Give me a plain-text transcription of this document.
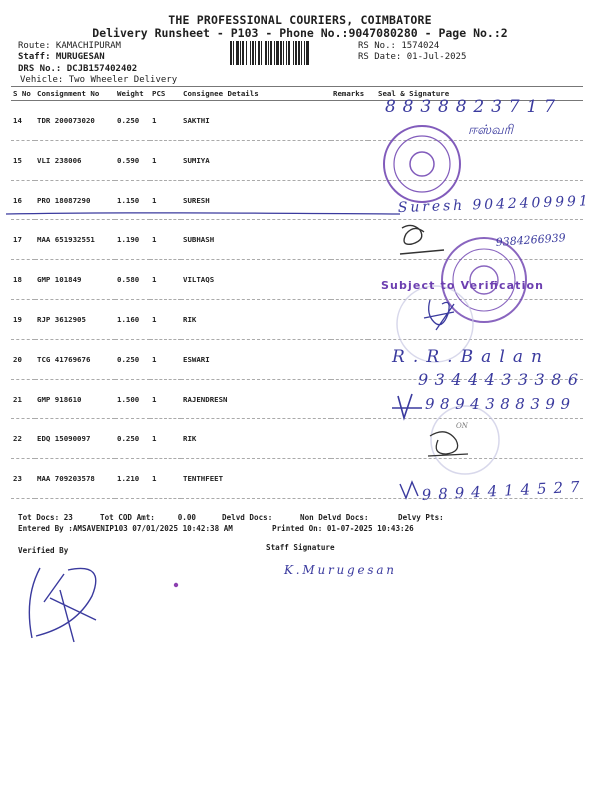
THE PROFESSIONAL COURIERS, COIMBATORE
Delivery Runsheet - P103 - Phone No.:9047080280 - Page No.:2
Route: KAMACHIPURAM
Staff: MURUGESAN
DRS No.: DCJB157402402
Vehicle: Two Wheeler Delivery
RS No.: 1574024
RS Date: 01-Jul-2025
S No	Consignment No	Weight	PCS	Consignee Details	Remarks	Seal & Signature
14	TDR 200073020	0.250	1	SAKTHI		
15	VLI 238006	0.590	1	SUMIYA		
16	PRO 18087290	1.150	1	SURESH		
17	MAA 651932551	1.190	1	SUBHASH		
18	GMP 101849	0.580	1	VILTAQS		
19	RJP 3612905	1.160	1	RIK		
20	TCG 41769676	0.250	1	ESWARI		
21	GMP 918610	1.500	1	RAJENDRESN		
22	EDQ 15090097	0.250	1	RIK		
23	MAA 709203578	1.210	1	TENTHFEET		
8838823717
ஈஸ்வரி
Suresh 9042409991
9384266939
R.R.Balan
9344433386
9894388399
ON
9894414527
K.Murugesan
Subject to Verification
Tot Docs: 23	Tot COD Amt:     0.00	Delvd Docs:	Non Delvd Docs:	Delvy Pts:
Entered By :AMSAVENIP103 07/01/2025 10:42:38 AM	Printed On: 01-07-2025 10:43:26
Verified By	Staff Signature
